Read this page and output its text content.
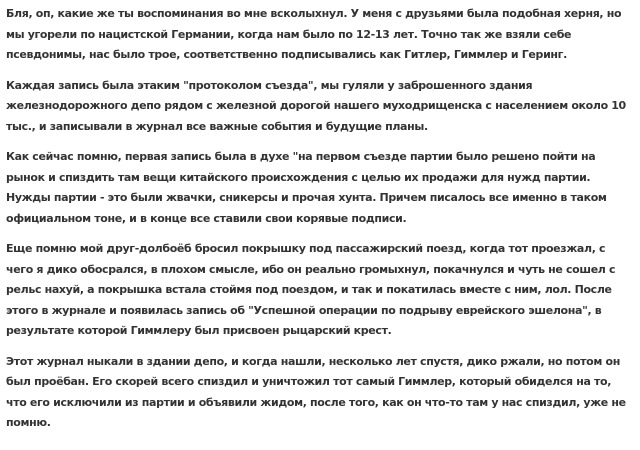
Бля, оп, какие же ты воспоминания во мне всколыхнул. У меня с друзьями была подобная херня, но мы угорели по нацистской Германии, когда нам было по 12-13 лет. Точно так же взяли себе псевдонимы, нас было трое, соответственно подписывались как Гитлер, Гиммлер и Геринг.

Каждая запись была этаким "протоколом съезда", мы гуляли у заброшенного здания железнодорожного депо рядом с железной дорогой нашего муходрищенска с населением около 10 тыс., и записывали в журнал все важные события и будущие планы.

Как сейчас помню, первая запись была в духе "на первом съезде партии было решено пойти на рынок и спиздить там вещи китайского происхождения с целью их продажи для нужд партии. Нужды партии - это были жвачки, сникерсы и прочая хунта. Причем писалось все именно в таком официальном тоне, и в конце все ставили свои корявые подписи.

Еще помню мой друг-долбоёб бросил покрышку под пассажирский поезд, когда тот проезжал, с чего я дико обосрался, в плохом смысле, ибо он реально громыхнул, покачнулся и чуть не сошел с рельс нахуй, а покрышка встала стоймя под поездом, и так и покатилась вместе с ним, лол. После этого в журнале и появилась запись об "Успешной операции по подрыву еврейского эшелона", в результате которой Гиммлеру был присвоен рыцарский крест.

Этот журнал ныкали в здании депо, и когда нашли, несколько лет спустя, дико ржали, но потом он был проёбан. Его скорей всего спиздил и уничтожил тот самый Гиммлер, который обиделся на то, что его исключили из партии и объявили жидом, после того, как он что-то там у нас спиздил, уже не помню.
